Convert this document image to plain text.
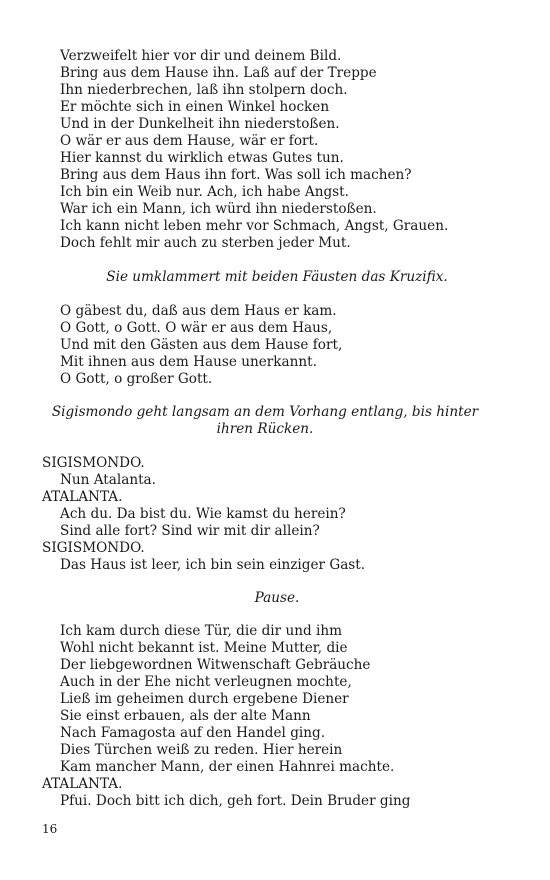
Verzweifelt hier vor dir und deinem Bild.
Bring aus dem Hause ihn. Laß auf der Treppe
Ihn niederbrechen, laß ihn stolpern doch.
Er möchte sich in einen Winkel hocken
Und in der Dunkelheit ihn niederstoßen.
O wär er aus dem Hause, wär er fort.
Hier kannst du wirklich etwas Gutes tun.
Bring aus dem Haus ihn fort. Was soll ich machen?
Ich bin ein Weib nur. Ach, ich habe Angst.
War ich ein Mann, ich würd ihn niederstoßen.
Ich kann nicht leben mehr vor Schmach, Angst, Grauen.
Doch fehlt mir auch zu sterben jeder Mut.
Sie umklammert mit beiden Fäusten das Kruzifix.
O gäbest du, daß aus dem Haus er kam.
O Gott, o Gott. O wär er aus dem Haus,
Und mit den Gästen aus dem Hause fort,
Mit ihnen aus dem Hause unerkannt.
O Gott, o großer Gott.
Sigismondo geht langsam an dem Vorhang entlang, bis hinter ihren Rücken.
SIGISMONDO.
Nun Atalanta.
ATALANTA.
Ach du. Da bist du. Wie kamst du herein?
Sind alle fort? Sind wir mit dir allein?
SIGISMONDO.
Das Haus ist leer, ich bin sein einziger Gast.
Pause.
Ich kam durch diese Tür, die dir und ihm
Wohl nicht bekannt ist. Meine Mutter, die
Der liebgewordnen Witwenschaft Gebräuche
Auch in der Ehe nicht verleugnen mochte,
Ließ im geheimen durch ergebene Diener
Sie einst erbauen, als der alte Mann
Nach Famagosta auf den Handel ging.
Dies Türchen weiß zu reden. Hier herein
Kam mancher Mann, der einen Hahnrei machte.
ATALANTA.
Pfui. Doch bitt ich dich, geh fort. Dein Bruder ging
16
